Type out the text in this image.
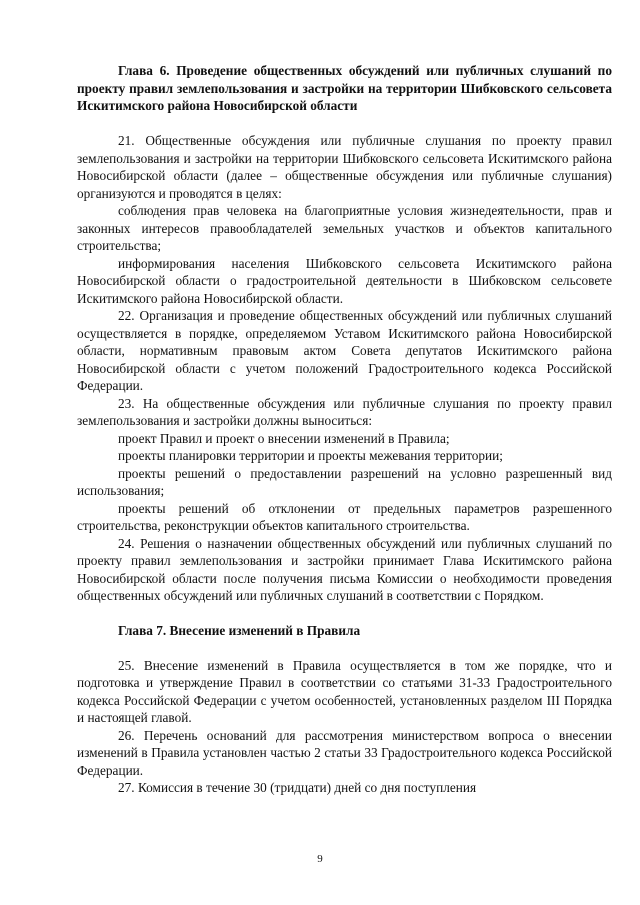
Глава 6. Проведение общественных обсуждений или публичных слушаний по проекту правил землепользования и застройки на территории Шибковского сельсовета Искитимского района Новосибирской области

21. Общественные обсуждения или публичные слушания по проекту правил землепользования и застройки на территории Шибковского сельсовета Искитимского района Новосибирской области (далее – общественные обсуждения или публичные слушания) организуются и проводятся в целях:

соблюдения прав человека на благоприятные условия жизнедеятельности, прав и законных интересов правообладателей земельных участков и объектов капитального строительства;

информирования населения Шибковского сельсовета Искитимского района Новосибирской области о градостроительной деятельности в Шибковском сельсовете Искитимского района Новосибирской области.

22. Организация и проведение общественных обсуждений или публичных слушаний осуществляется в порядке, определяемом Уставом Искитимского района Новосибирской области, нормативным правовым актом Совета депутатов Искитимского района Новосибирской области с учетом положений Градостроительного кодекса Российской Федерации.

23. На общественные обсуждения или публичные слушания по проекту правил землепользования и застройки должны выноситься:

проект Правил и проект о внесении изменений в Правила;

проекты планировки территории и проекты межевания территории;

проекты решений о предоставлении разрешений на условно разрешенный вид использования;

проекты решений об отклонении от предельных параметров разрешенного строительства, реконструкции объектов капитального строительства.

24. Решения о назначении общественных обсуждений или публичных слушаний по проекту правил землепользования и застройки принимает Глава Искитимского района Новосибирской области после получения письма Комиссии о необходимости проведения общественных обсуждений или публичных слушаний в соответствии с Порядком.

Глава 7. Внесение изменений в Правила

25. Внесение изменений в Правила осуществляется в том же порядке, что и подготовка и утверждение Правил в соответствии со статьями 31-33 Градостроительного кодекса Российской Федерации с учетом особенностей, установленных разделом III Порядка и настоящей главой.

26. Перечень оснований для рассмотрения министерством вопроса о внесении изменений в Правила установлен частью 2 статьи 33 Градостроительного кодекса Российской Федерации.

27. Комиссия в течение 30 (тридцати) дней со дня поступления

9
